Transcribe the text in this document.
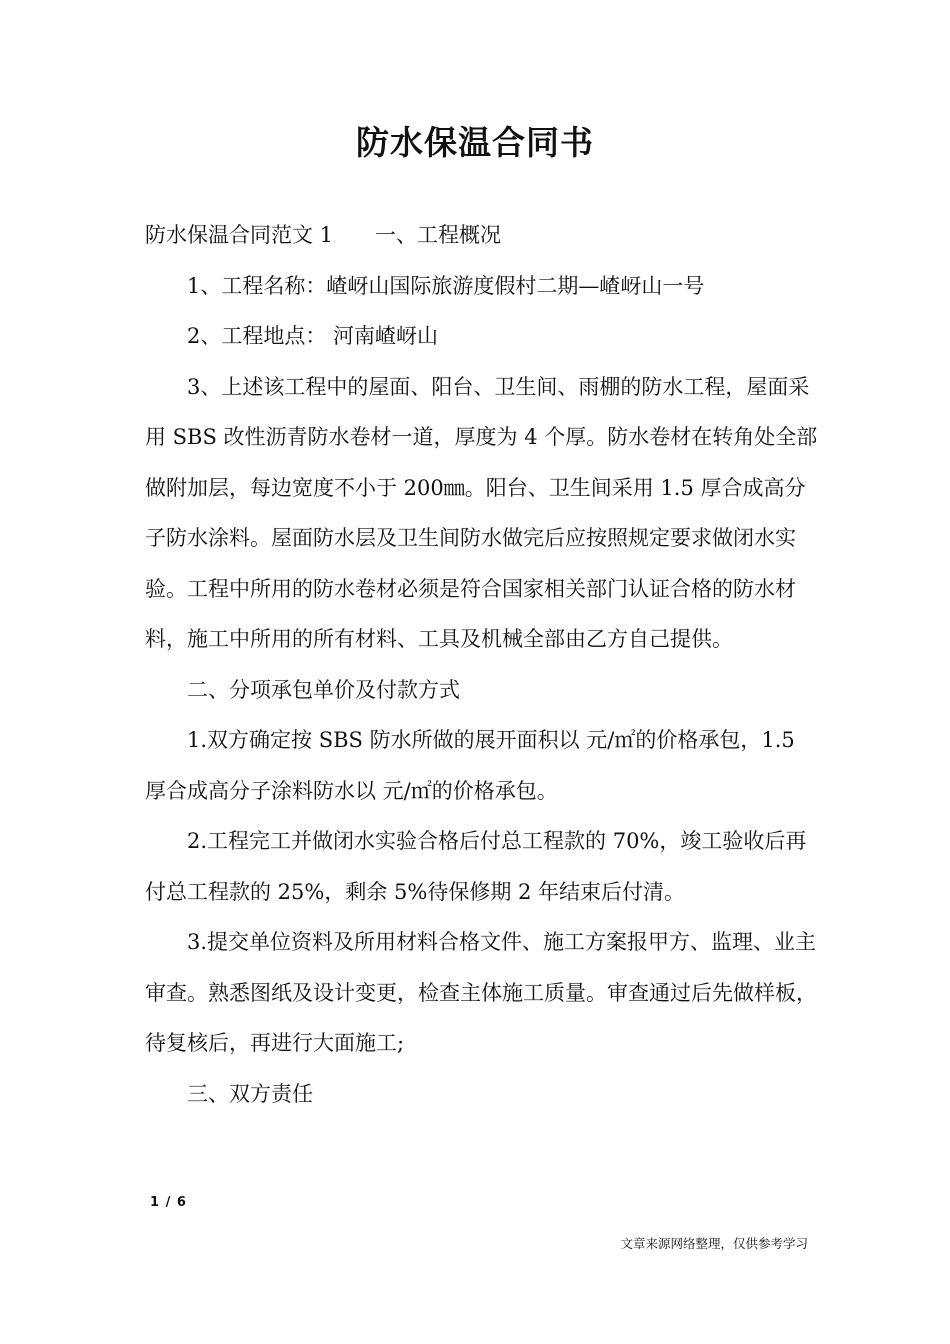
防水保温合同书

防水保温合同范文 1 一、工程概况

1、工程名称：嵖岈山国际旅游度假村二期—嵖岈山一号

2、工程地点： 河南嵖岈山

3、上述该工程中的屋面、阳台、卫生间、雨棚的防水工程，屋面采用 SBS 改性沥青防水卷材一道，厚度为 4 个厚。防水卷材在转角处全部做附加层，每边宽度不小于 200㎜。阳台、卫生间采用 1.5 厚合成高分子防水涂料。屋面防水层及卫生间防水做完后应按照规定要求做闭水实验。工程中所用的防水卷材必须是符合国家相关部门认证合格的防水材料，施工中所用的所有材料、工具及机械全部由乙方自己提供。

二、分项承包单价及付款方式

1.双方确定按 SBS 防水所做的展开面积以 元/㎡的价格承包，1.5 厚合成高分子涂料防水以 元/㎡的价格承包。

2.工程完工并做闭水实验合格后付总工程款的 70%，竣工验收后再付总工程款的 25%，剩余 5%待保修期 2 年结束后付清。

3.提交单位资料及所用材料合格文件、施工方案报甲方、监理、业主审查。熟悉图纸及设计变更，检查主体施工质量。审查通过后先做样板，待复核后，再进行大面施工;

三、双方责任

1 / 6
文章来源网络整理，仅供参考学习
